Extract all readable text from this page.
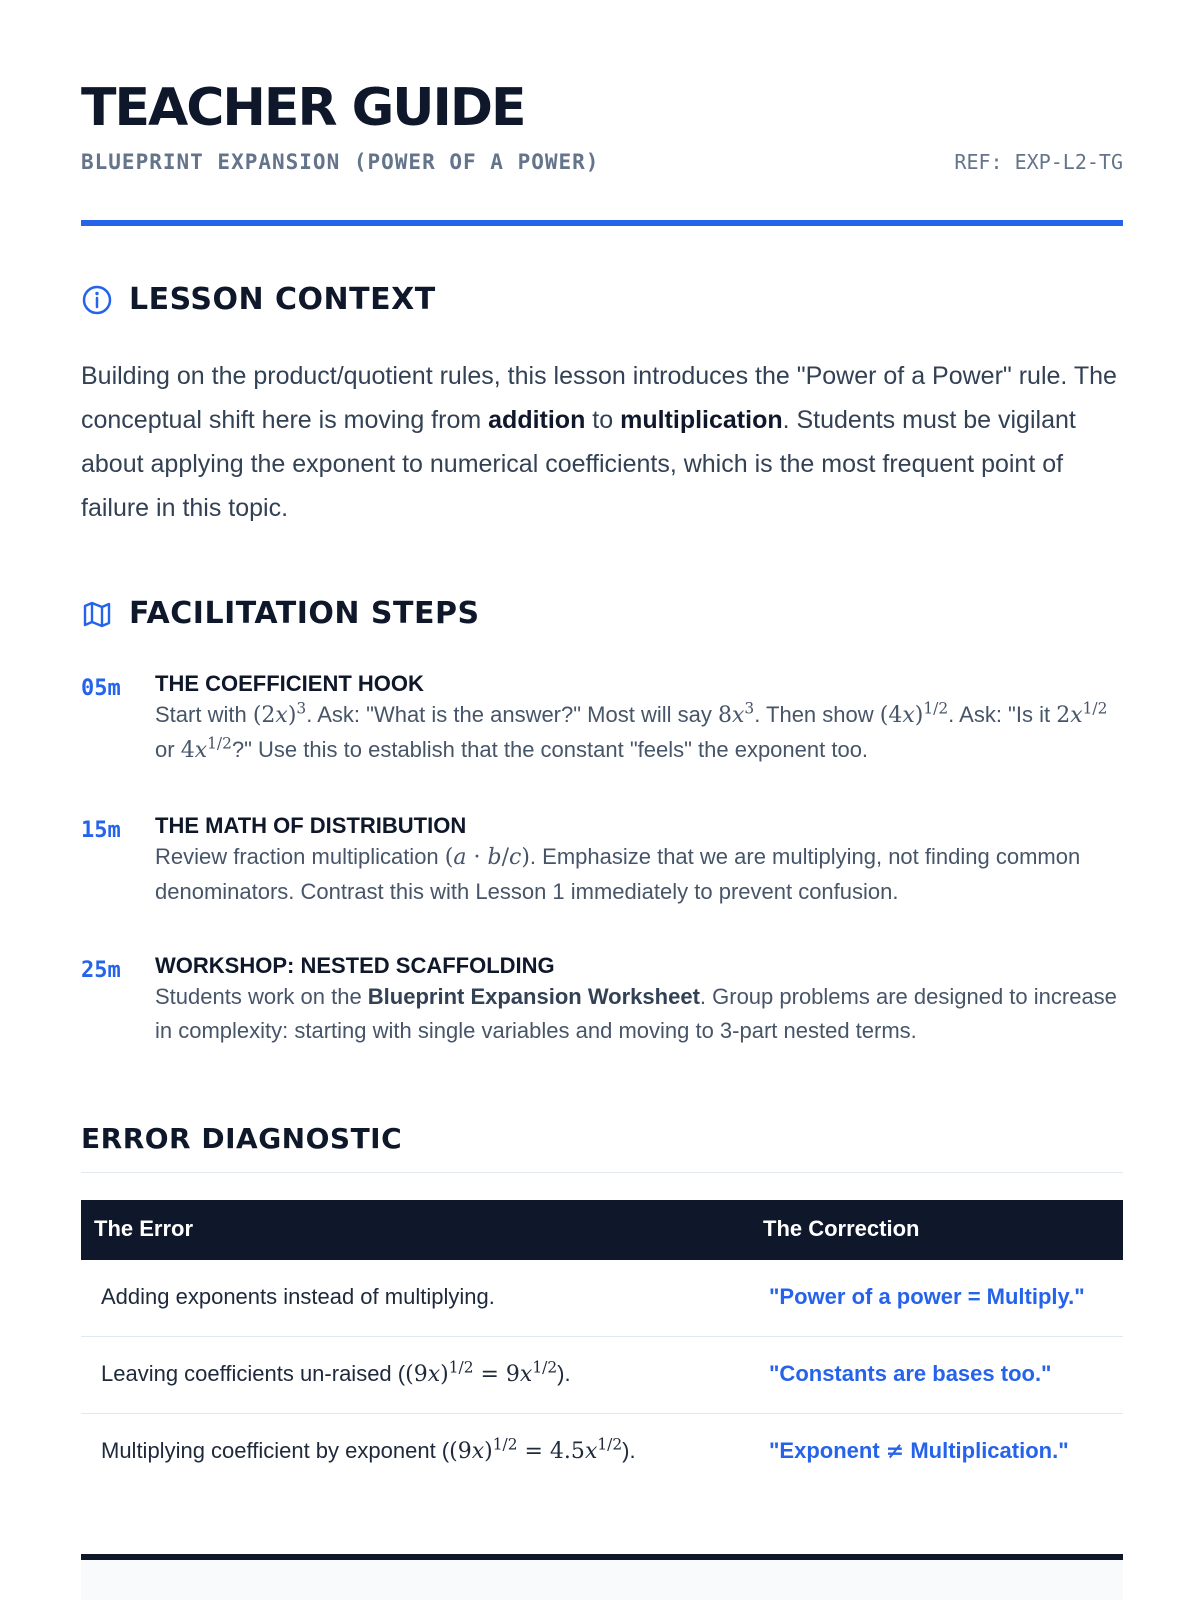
TEACHER GUIDE
BLUEPRINT EXPANSION (POWER OF A POWER)	REF: EXP-L2-TG
LESSON CONTEXT

Building on the product/quotient rules, this lesson introduces the "Power of a Power" rule. The conceptual shift here is moving from addition to multiplication. Students must be vigilant about applying the exponent to numerical coefficients, which is the most frequent point of failure in this topic.

FACILITATION STEPS
05m THE COEFFICIENT HOOK
Start with $(2x)^3$. Ask: "What is the answer?" Most will say $8x^3$. Then show $(4x)^{1/2}$. Ask: "Is it $2x^{1/2}$ or $4x^{1/2}$?" Use this to establish that the constant "feels" the exponent too.
15m THE MATH OF DISTRIBUTION
Review fraction multiplication (a · b/c). Emphasize that we are multiplying, not finding common denominators. Contrast this with Lesson 1 immediately to prevent confusion.
25m WORKSHOP: NESTED SCAFFOLDING
Students work on the Blueprint Expansion Worksheet. Group problems are designed to increase in complexity: starting with single variables and moving to 3-part nested terms.
ERROR DIAGNOSTIC
The Error	The Correction
Adding exponents instead of multiplying.	"Power of a power = Multiply."
Leaving coefficients un-raised $((9x)^{1/2} = 9x^{1/2})$.	"Constants are bases too."
Multiplying coefficient by exponent $((9x)^{1/2} = 4.5x^{1/2})$.	"Exponent ≠ Multiplication."
